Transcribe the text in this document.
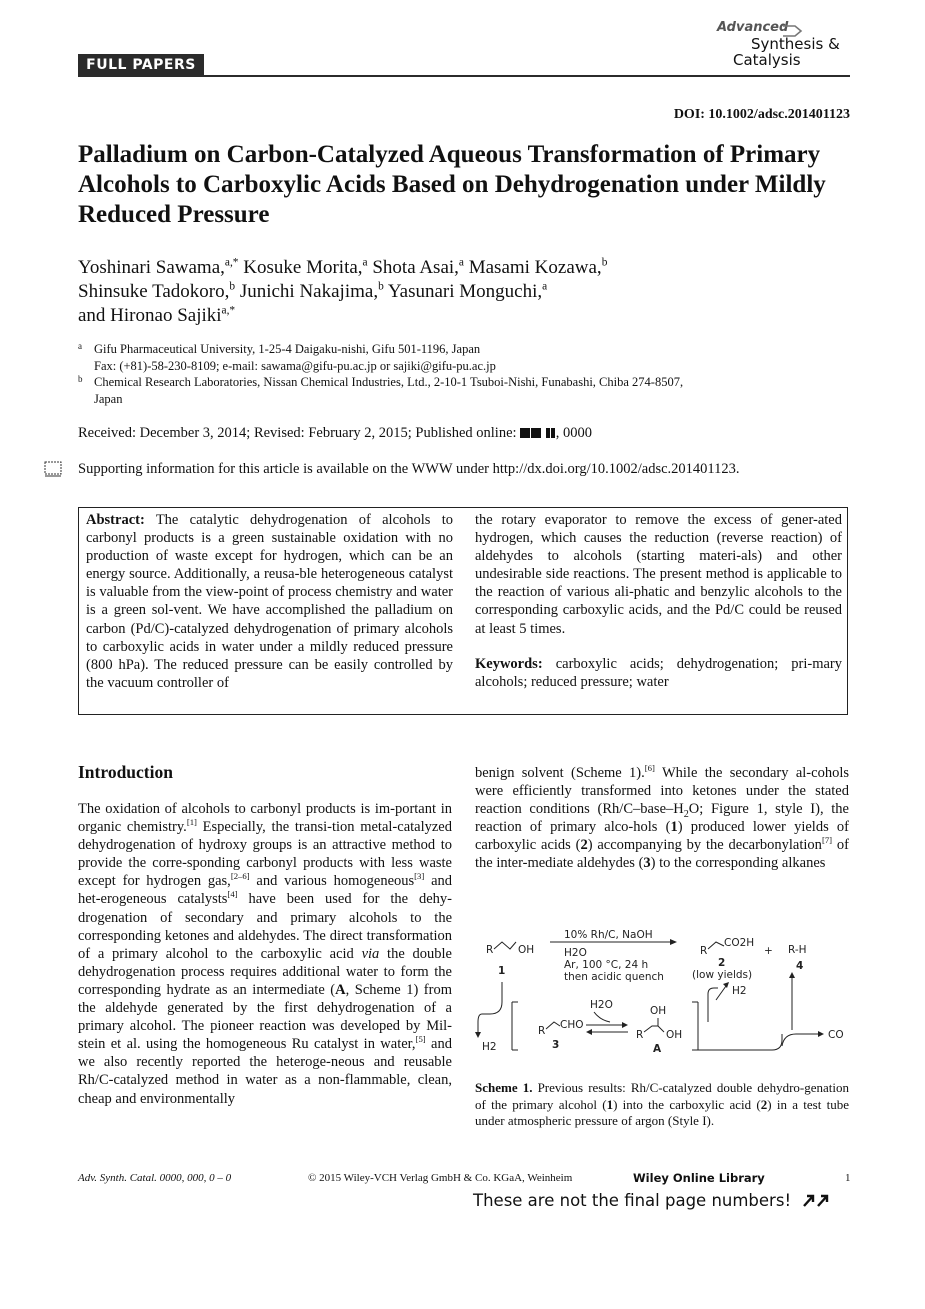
FULL PAPERS
Advanced
Synthesis &
Catalysis
DOI: 10.1002/adsc.201401123
Palladium on Carbon-Catalyzed Aqueous Transformation of Primary Alcohols to Carboxylic Acids Based on Dehydrogenation under Mildly Reduced Pressure
Yoshinari Sawama,$^{a,*}$ Kosuke Morita,$^a$ Shota Asai,$^a$ Masami Kozawa,$^b$
Shinsuke Tadokoro,$^b$ Junichi Nakajima,$^b$ Yasunari Monguchi,$^a$
and Hironao Sajiki$^{a,*}$
a Gifu Pharmaceutical University, 1-25-4 Daigaku-nishi, Gifu 501-1196, Japan
Fax: (+81)-58-230-8109; e-mail: sawama@gifu-pu.ac.jp or sajiki@gifu-pu.ac.jp
b Chemical Research Laboratories, Nissan Chemical Industries, Ltd., 2-10-1 Tsuboi-Nishi, Funabashi, Chiba 274-8507,
Japan
Received: December 3, 2014; Revised: February 2, 2015; Published online:  , 0000
Supporting information for this article is available on the WWW under http://dx.doi.org/10.1002/adsc.201401123.
Abstract: The catalytic dehydrogenation of alcohols to carbonyl products is a green sustainable oxidation with no production of waste except for hydrogen, which can be an energy source. Additionally, a reusa-ble heterogeneous catalyst is valuable from the view-point of process chemistry and water is a green sol-vent. We have accomplished the palladium on carbon (Pd/C)-catalyzed dehydrogenation of primary alcohols to carboxylic acids in water under a mildly reduced pressure (800 hPa). The reduced pressure can be easily controlled by the vacuum controller of
the rotary evaporator to remove the excess of gener-ated hydrogen, which causes the reduction (reverse reaction) of aldehydes to alcohols (starting materi-als) and other undesirable side reactions. The present method is applicable to the reaction of various ali-phatic and benzylic alcohols to the corresponding carboxylic acids, and the Pd/C could be reused at least 5 times.
Keywords: carboxylic acids; dehydrogenation; pri-mary alcohols; reduced pressure; water
Introduction
The oxidation of alcohols to carbonyl products is im-portant in organic chemistry.[1] Especially, the transi-tion metal-catalyzed dehydrogenation of hydroxy groups is an attractive method to provide the corre-sponding carbonyl products with less waste except for hydrogen gas,[2–6] and various homogeneous[3] and het-erogeneous catalysts[4] have been used for the dehy-drogenation of secondary and primary alcohols to the corresponding ketones and aldehydes. The direct transformation of a primary alcohol to the carboxylic acid via the double dehydrogenation process requires additional water to form the corresponding hydrate as an intermediate (A, Scheme 1) from the aldehyde generated by the first dehydrogenation of a primary alcohol. The pioneer reaction was developed by Mil-stein et al. using the homogeneous Ru catalyst in water,[5] and we also recently reported the heteroge-neous and reusable Rh/C-catalyzed method in water as a non-flammable, clean, cheap and environmentally
benign solvent (Scheme 1).[6] While the secondary al-cohols were efficiently transformed into ketones under the stated reaction conditions ($Rh/C-base-H_2O$; Figure 1, style I), the reaction of primary alco-hols (1) produced lower yields of carboxylic acids (2) accompanying by the decarbonylation[7] of the inter-mediate aldehydes (3) to the corresponding alkanes
R OH
1
10% Rh/C, NaOH
H2O
Ar, 100 °C, 24 h
then acidic quench
R
CO2H
2
(low yields)
+ R-H
4
H2
R CHO
3
H2O	OH
R OH
A
H2
CO
Scheme 1. Previous results: Rh/C-catalyzed double dehydro-genation of the primary alcohol (1) into the carboxylic acid (2) in a test tube under atmospheric pressure of argon (Style I).
Adv. Synth. Catal. 0000, 000, 0 – 0	© 2015 Wiley-VCH Verlag GmbH & Co. KGaA, Weinheim	Wiley Online Library	1
These are not the final page numbers!
